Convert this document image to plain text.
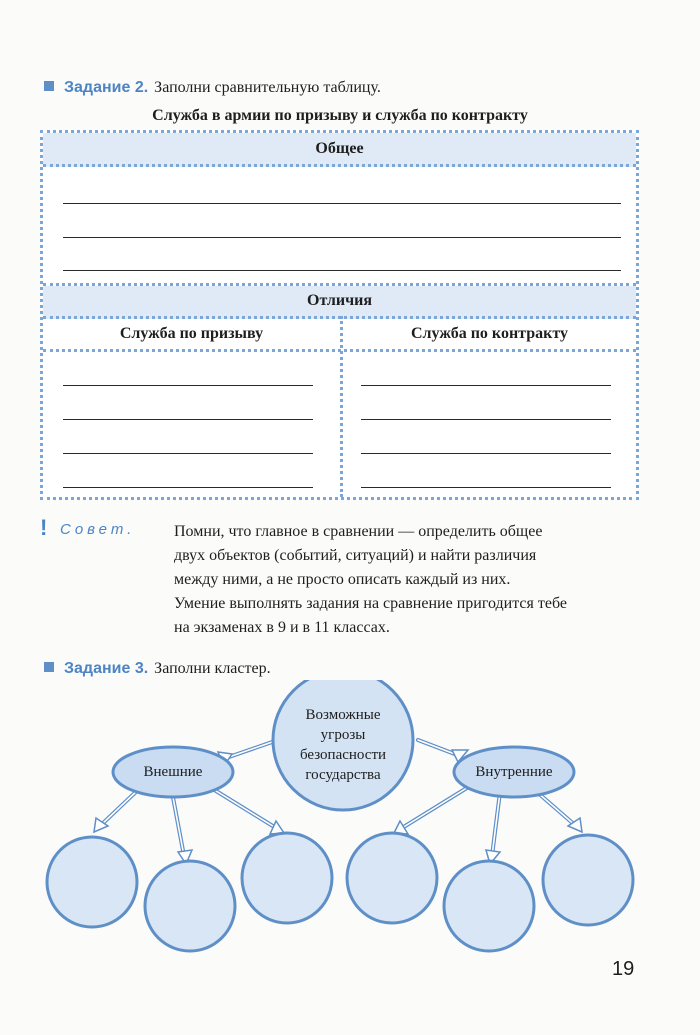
Задание 2. Заполни сравнительную таблицу.
Служба в армии по призыву и служба по контракту
Общее
Отличия
Служба по призыву	Служба по контракту
! Совет. Помни, что главное в сравнении — определить общее

двух объектов (событий, ситуаций) и найти различия

между ними, а не просто описать каждый из них.

Умение выполнять задания на сравнение пригодится тебе

на экзаменах в 9 и в 11 классах.

Задание 3. Заполни кластер.
Возможные
угрозы
безопасности
государства
Внешние	Внутренние
19
